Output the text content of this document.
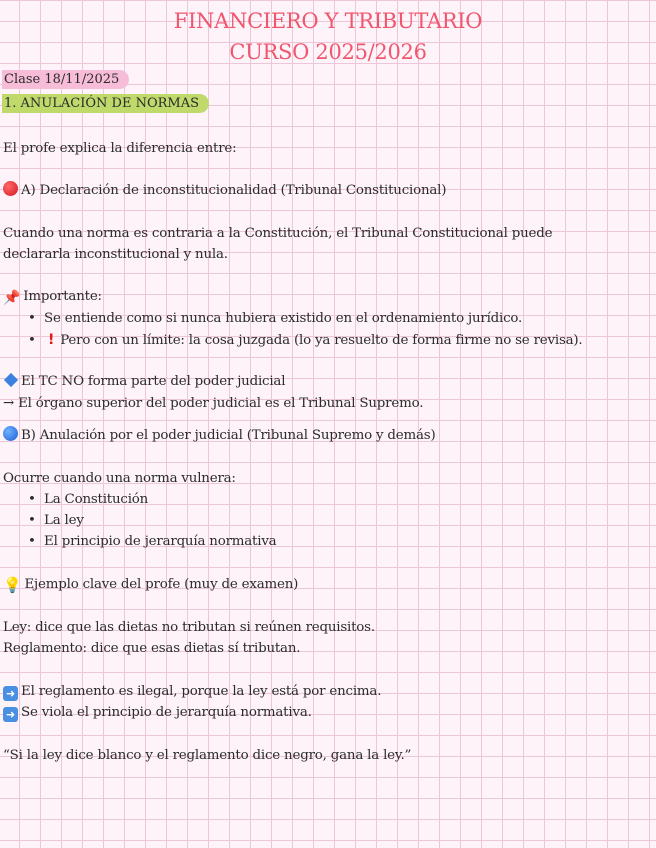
FINANCIERO Y TRIBUTARIO
CURSO 2025/2026
Clase 18/11/2025
1. ANULACIÓN DE NORMAS
El profe explica la diferencia entre:
A) Declaración de inconstitucionalidad (Tribunal Constitucional)
Cuando una norma es contraria a la Constitución, el Tribunal Constitucional puede
declararla inconstitucional y nula.
📌 Importante:
• Se entiende como si nunca hubiera existido en el ordenamiento jurídico.
• ! Pero con un límite: la cosa juzgada (lo ya resuelto de forma firme no se revisa).
El TC NO forma parte del poder judicial
→ El órgano superior del poder judicial es el Tribunal Supremo.
B) Anulación por el poder judicial (Tribunal Supremo y demás)
Ocurre cuando una norma vulnera:
• La Constitución
• La ley
• El principio de jerarquía normativa
💡 Ejemplo clave del profe (muy de examen)
Ley: dice que las dietas no tributan si reúnen requisitos.
Reglamento: dice que esas dietas sí tributan.
➜ El reglamento es ilegal, porque la ley está por encima.
➜ Se viola el principio de jerarquía normativa.
“Si la ley dice blanco y el reglamento dice negro, gana la ley.”
